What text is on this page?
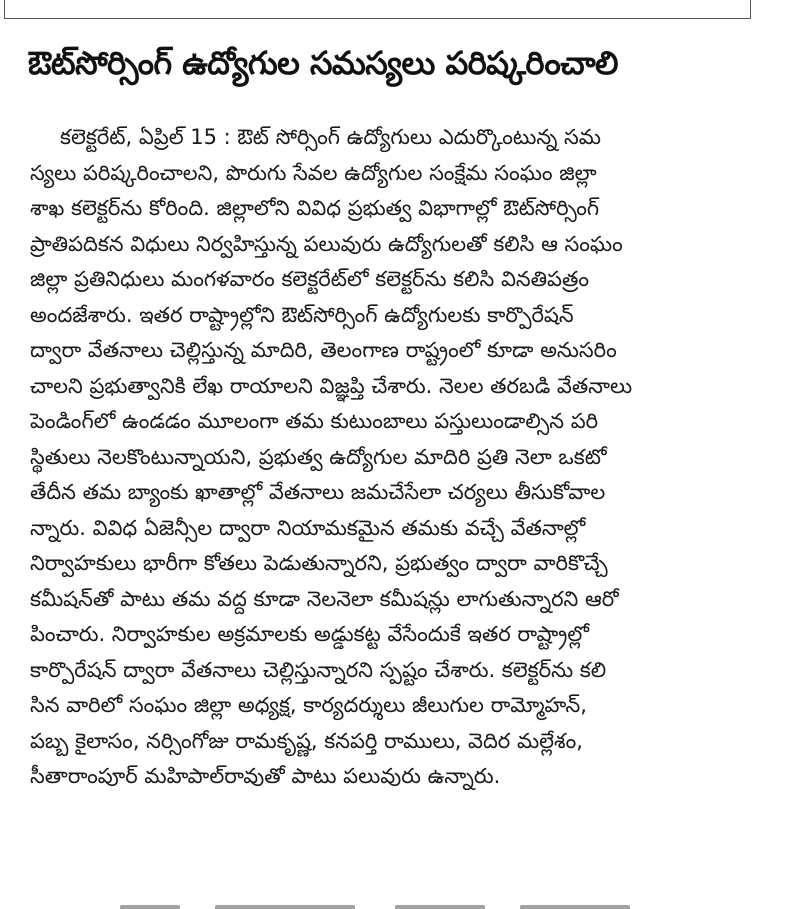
ఔట్‌సోర్సింగ్ ఉద్యోగుల సమస్యలు పరిష్కరించాలి
కలెక్టరేట్, ఏప్రిల్ 15 : ఔట్ సోర్సింగ్ ఉద్యోగులు ఎదుర్కొంటున్న సమ
స్యలు పరిష్కరించాలని, పొరుగు సేవల ఉద్యోగుల సంక్షేమ సంఘం జిల్లా
శాఖ కలెక్టర్‌ను కోరింది. జిల్లాలోని వివిధ ప్రభుత్వ విభాగాల్లో ఔట్‌సోర్సింగ్
ప్రాతిపదికన విధులు నిర్వహిస్తున్న పలువురు ఉద్యోగులతో కలిసి ఆ సంఘం
జిల్లా ప్రతినిధులు మంగళవారం కలెక్టరేట్‌లో కలెక్టర్‌ను కలిసి వినతిపత్రం
అందజేశారు. ఇతర రాష్ట్రాల్లోని ఔట్‌సోర్సింగ్ ఉద్యోగులకు కార్పొరేషన్
ద్వారా వేతనాలు చెల్లిస్తున్న మాదిరి, తెలంగాణ రాష్ట్రంలో కూడా అనుసరిం
చాలని ప్రభుత్వానికి లేఖ రాయాలని విజ్ఞప్తి చేశారు. నెలల తరబడి వేతనాలు
పెండింగ్‌లో ఉండడం మూలంగా తమ కుటుంబాలు పస్తులుండాల్సిన పరి
స్థితులు నెలకొంటున్నాయని, ప్రభుత్వ ఉద్యోగుల మాదిరి ప్రతి నెలా ఒకటో
తేదీన తమ బ్యాంకు ఖాతాల్లో వేతనాలు జమచేసేలా చర్యలు తీసుకోవాల
న్నారు. వివిధ ఏజెన్సీల ద్వారా నియామకమైన తమకు వచ్చే వేతనాల్లో
నిర్వాహకులు భారీగా కోతలు పెడుతున్నారని, ప్రభుత్వం ద్వారా వారికొచ్చే
కమీషన్‌తో పాటు తమ వద్ద కూడా నెలనెలా కమీషన్లు లాగుతున్నారని ఆరో
పించారు. నిర్వాహకుల అక్రమాలకు అడ్డుకట్ట వేసేందుకే ఇతర రాష్ట్రాల్లో
కార్పొరేషన్ ద్వారా వేతనాలు చెల్లిస్తున్నారని స్పష్టం చేశారు. కలెక్టర్‌ను కలి
సిన వారిలో సంఘం జిల్లా అధ్యక్ష, కార్యదర్శులు జీలుగుల రామ్మోహన్,
పబ్బ కైలాసం, నర్సింగోజు రామకృష్ణ, కనపర్తి రాములు, వెదిర మల్లేశం,
సీతారాంపూర్ మహిపాల్‌రావుతో పాటు పలువురు ఉన్నారు.
